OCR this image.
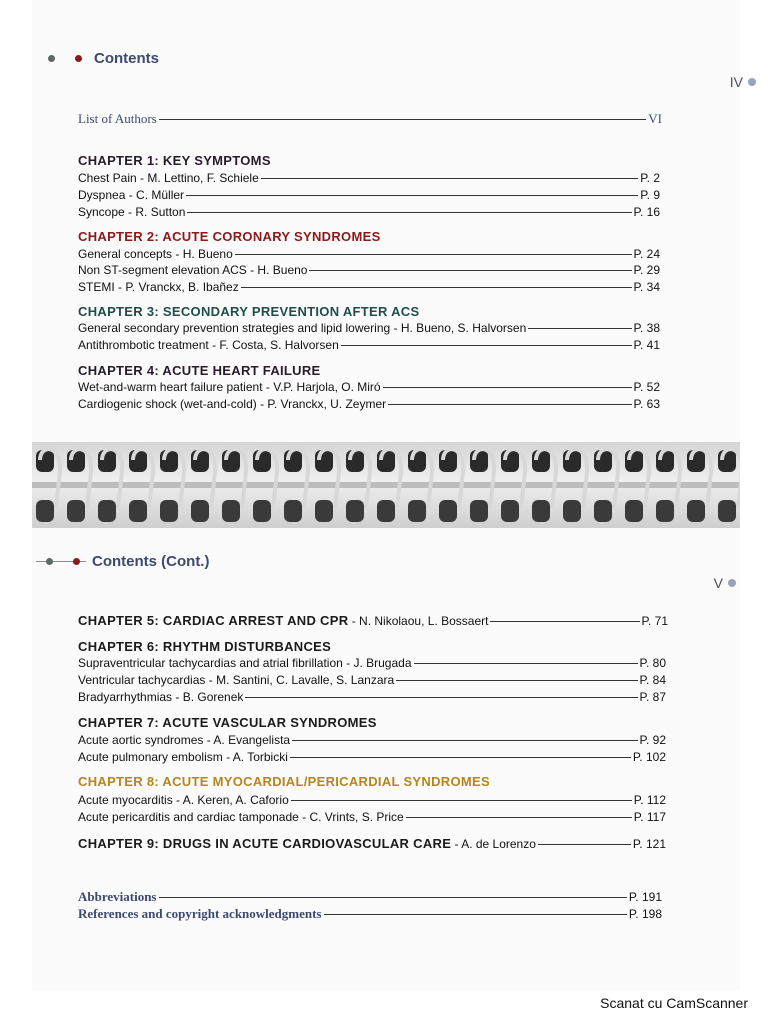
Contents
IV
List of Authors	VI
CHAPTER 1: KEY SYMPTOMS
Chest Pain - M. Lettino, F. Schiele	P. 2
Dyspnea - C. Müller	P. 9
Syncope - R. Sutton	P. 16
CHAPTER 2: ACUTE CORONARY SYNDROMES
General concepts - H. Bueno	P. 24
Non ST-segment elevation ACS - H. Bueno	P. 29
STEMI - P. Vranckx, B. Ibañez	P. 34
CHAPTER 3: SECONDARY PREVENTION AFTER ACS
General secondary prevention strategies and lipid lowering - H. Bueno, S. Halvorsen	P. 38
Antithrombotic treatment - F. Costa, S. Halvorsen	P. 41
CHAPTER 4: ACUTE HEART FAILURE
Wet-and-warm heart failure patient - V.P. Harjola, O. Miró	P. 52
Cardiogenic shock (wet-and-cold) - P. Vranckx, U. Zeymer	P. 63
Contents (Cont.)
V
CHAPTER 5: CARDIAC ARREST AND CPR - N. Nikolaou, L. Bossaert	P. 71
CHAPTER 6: RHYTHM DISTURBANCES
Supraventricular tachycardias and atrial fibrillation - J. Brugada	P. 80
Ventricular tachycardias - M. Santini, C. Lavalle, S. Lanzara	P. 84
Bradyarrhythmias - B. Gorenek	P. 87
CHAPTER 7: ACUTE VASCULAR SYNDROMES
Acute aortic syndromes - A. Evangelista	P. 92
Acute pulmonary embolism - A. Torbicki	P. 102
CHAPTER 8: ACUTE MYOCARDIAL/PERICARDIAL SYNDROMES
Acute myocarditis - A. Keren, A. Caforio	P. 112
Acute pericarditis and cardiac tamponade - C. Vrints, S. Price	P. 117
CHAPTER 9: DRUGS IN ACUTE CARDIOVASCULAR CARE - A. de Lorenzo	P. 121
Abbreviations	P. 191
References and copyright acknowledgments	P. 198
Scanat cu CamScanner
